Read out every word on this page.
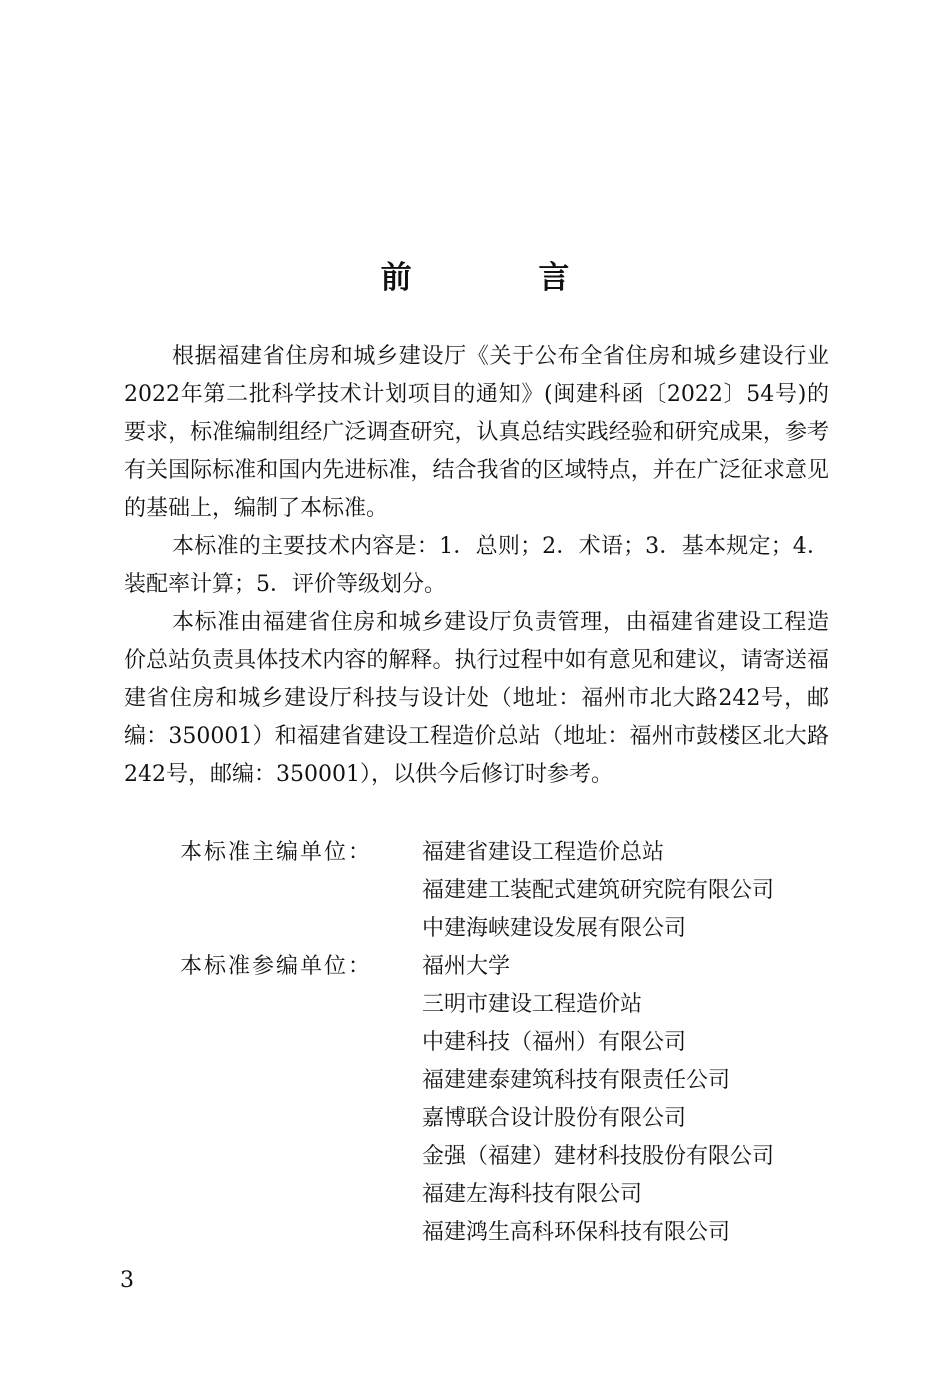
前 言
根据福建省住房和城乡建设厅《关于公布全省住房和城乡建设行业2022年第二批科学技术计划项目的通知》(闽建科函〔2022〕54号)的要求，标准编制组经广泛调查研究，认真总结实践经验和研究成果，参考有关国际标准和国内先进标准，结合我省的区域特点，并在广泛征求意见的基础上，编制了本标准。
本标准的主要技术内容是：1．总则；2．术语；3．基本规定；4．装配率计算；5．评价等级划分。
本标准由福建省住房和城乡建设厅负责管理，由福建省建设工程造价总站负责具体技术内容的解释。执行过程中如有意见和建议，请寄送福建省住房和城乡建设厅科技与设计处（地址：福州市北大路242号，邮编：350001）和福建省建设工程造价总站（地址：福州市鼓楼区北大路242号，邮编：350001），以供今后修订时参考。
本标准主编单位： 福建省建设工程造价总站
福建建工装配式建筑研究院有限公司
中建海峡建设发展有限公司
本标准参编单位： 福州大学
三明市建设工程造价站
中建科技（福州）有限公司
福建建泰建筑科技有限责任公司
嘉博联合设计股份有限公司
金强（福建）建材科技股份有限公司
福建左海科技有限公司
福建鸿生高科环保科技有限公司
3
